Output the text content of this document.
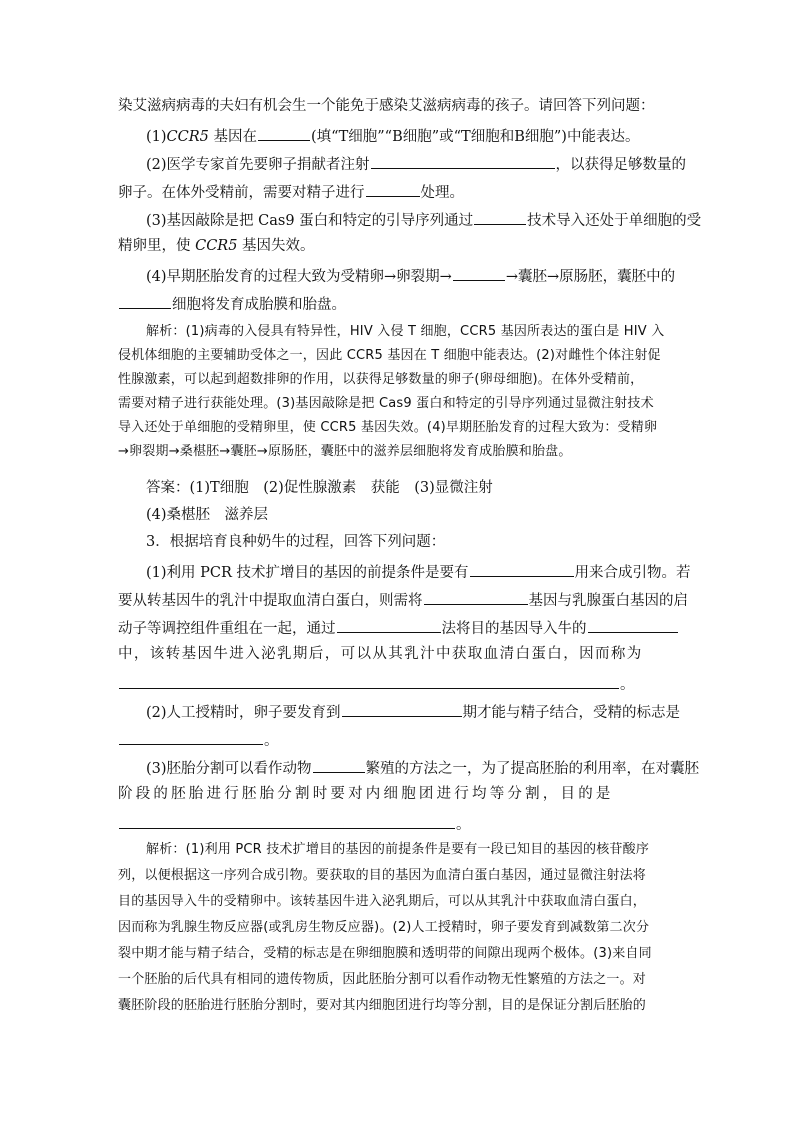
染艾滋病病毒的夫妇有机会生一个能免于感染艾滋病病毒的孩子。请回答下列问题：
(1)CCR5 基因在	(填“T细胞”“B细胞”或“T细胞和B细胞”)中能表达。
(2)医学专家首先要卵子捐献者注射	，以获得足够数量的
卵子。在体外受精前，需要对精子进行	处理。
(3)基因敲除是把 Cas9 蛋白和特定的引导序列通过	技术导入还处于单细胞的受
精卵里，使 CCR5 基因失效。
(4)早期胚胎发育的过程大致为受精卵→卵裂期→	→囊胚→原肠胚，囊胚中的
细胞将发育成胎膜和胎盘。
解析：(1)病毒的入侵具有特异性，HIV 入侵 T 细胞，CCR5 基因所表达的蛋白是 HIV 入
侵机体细胞的主要辅助受体之一，因此 CCR5 基因在 T 细胞中能表达。(2)对雌性个体注射促
性腺激素，可以起到超数排卵的作用，以获得足够数量的卵子(卵母细胞)。在体外受精前，
需要对精子进行获能处理。(3)基因敲除是把 Cas9 蛋白和特定的引导序列通过显微注射技术
导入还处于单细胞的受精卵里，使 CCR5 基因失效。(4)早期胚胎发育的过程大致为：受精卵
→卵裂期→桑椹胚→囊胚→原肠胚，囊胚中的滋养层细胞将发育成胎膜和胎盘。
答案：(1)T细胞　(2)促性腺激素　获能　(3)显微注射
(4)桑椹胚　滋养层
3．根据培育良种奶牛的过程，回答下列问题：
(1)利用 PCR 技术扩增目的基因的前提条件是要有	用来合成引物。若
要从转基因牛的乳汁中提取血清白蛋白，则需将	基因与乳腺蛋白基因的启
动子等调控组件重组在一起，通过	法将目的基因导入牛的
中，该转基因牛进入泌乳期后，可以从其乳汁中获取血清白蛋白，因而称为
。
(2)人工授精时，卵子要发育到	期才能与精子结合，受精的标志是
。
(3)胚胎分割可以看作动物	繁殖的方法之一，为了提高胚胎的利用率，在对囊胚
阶段的胚胎进行胚胎分割时要对内细胞团进行均等分割，目的是
。
解析：(1)利用 PCR 技术扩增目的基因的前提条件是要有一段已知目的基因的核苷酸序
列，以便根据这一序列合成引物。要获取的目的基因为血清白蛋白基因，通过显微注射法将
目的基因导入牛的受精卵中。该转基因牛进入泌乳期后，可以从其乳汁中获取血清白蛋白，
因而称为乳腺生物反应器(或乳房生物反应器)。(2)人工授精时，卵子要发育到减数第二次分
裂中期才能与精子结合，受精的标志是在卵细胞膜和透明带的间隙出现两个极体。(3)来自同
一个胚胎的后代具有相同的遗传物质，因此胚胎分割可以看作动物无性繁殖的方法之一。对
囊胚阶段的胚胎进行胚胎分割时，要对其内细胞团进行均等分割，目的是保证分割后胚胎的
